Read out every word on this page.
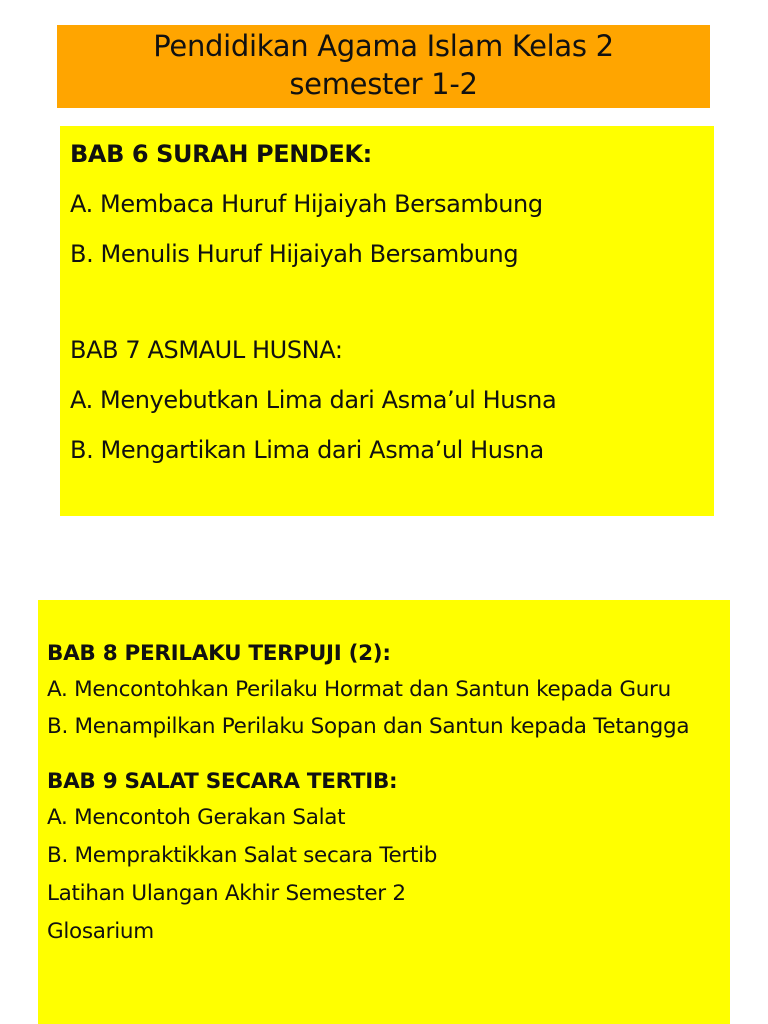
Pendidikan Agama Islam Kelas 2
semester 1-2
BAB 6 SURAH PENDEK:
A. Membaca Huruf Hijaiyah Bersambung
B. Menulis Huruf Hijaiyah Bersambung
BAB 7 ASMAUL HUSNA:
A. Menyebutkan Lima dari Asma’ul Husna
B. Mengartikan Lima dari Asma’ul Husna
BAB 8 PERILAKU TERPUJI (2):
A. Mencontohkan Perilaku Hormat dan Santun kepada Guru
B. Menampilkan Perilaku Sopan dan Santun kepada Tetangga
BAB 9 SALAT SECARA TERTIB:
A. Mencontoh Gerakan Salat
B. Mempraktikkan Salat secara Tertib
Latihan Ulangan Akhir Semester 2
Glosarium
